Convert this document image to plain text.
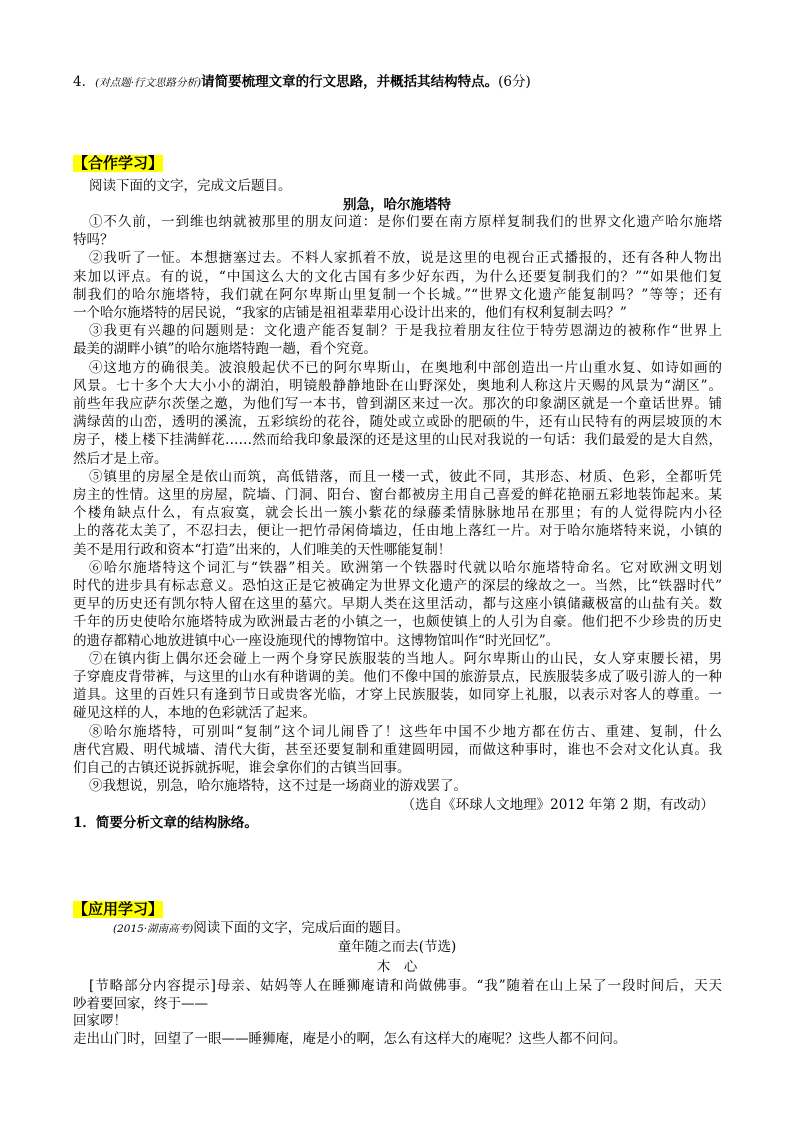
4．(对点题·行文思路分析)请简要梳理文章的行文思路，并概括其结构特点。(6分)
【合作学习】
阅读下面的文字，完成文后题目。
别急，哈尔施塔特
①不久前，一到维也纳就被那里的朋友问道：是你们要在南方原样复制我们的世界文化遗产哈尔施塔
特吗？
②我听了一怔。本想搪塞过去。不料人家抓着不放，说是这里的电视台正式播报的，还有各种人物出
来加以评点。有的说，“中国这么大的文化古国有多少好东西，为什么还要复制我们的？”“如果他们复
制我们的哈尔施塔特，我们就在阿尔卑斯山里复制一个长城。”“世界文化遗产能复制吗？”等等；还有
一个哈尔施塔特的居民说，“我家的店铺是祖祖辈辈用心设计出来的，他们有权利复制去吗？”
③我更有兴趣的问题则是：文化遗产能否复制？于是我拉着朋友往位于特劳恩湖边的被称作“世界上
最美的湖畔小镇”的哈尔施塔特跑一趟，看个究竟。
④这地方的确很美。波浪般起伏不已的阿尔卑斯山，在奥地利中部创造出一片山重水复、如诗如画的
风景。七十多个大大小小的湖泊，明镜般静静地卧在山野深处，奥地利人称这片天赐的风景为“湖区”。
前些年我应萨尔茨堡之邀，为他们写一本书，曾到湖区来过一次。那次的印象湖区就是一个童话世界。铺
满绿茵的山峦，透明的溪流，五彩缤纷的花谷，随处或立或卧的肥硕的牛，还有山民特有的两层坡顶的木
房子，楼上楼下挂满鲜花……然而给我印象最深的还是这里的山民对我说的一句话：我们最爱的是大自然，
然后才是上帝。
⑤镇里的房屋全是依山而筑，高低错落，而且一楼一式，彼此不同，其形态、材质、色彩，全都听凭
房主的性情。这里的房屋，院墙、门洞、阳台、窗台都被房主用自己喜爱的鲜花艳丽五彩地装饰起来。某
个楼角缺点什么，有点寂寞，就会长出一簇小紫花的绿藤柔情脉脉地吊在那里；有的人觉得院内小径
上的落花太美了，不忍扫去，便让一把竹帚闲倚墙边，任由地上落红一片。对于哈尔施塔特来说，小镇的
美不是用行政和资本“打造”出来的，人们唯美的天性哪能复制！
⑥哈尔施塔特这个词汇与“铁器”相关。欧洲第一个铁器时代就以哈尔施塔特命名。它对欧洲文明划
时代的进步具有标志意义。恐怕这正是它被确定为世界文化遗产的深层的缘故之一。当然，比“铁器时代”
更早的历史还有凯尔特人留在这里的墓穴。早期人类在这里活动，都与这座小镇储藏极富的山盐有关。数
千年的历史使哈尔施塔特成为欧洲最古老的小镇之一，也颇使镇上的人引为自豪。他们把不少珍贵的历史
的遗存都精心地放进镇中心一座设施现代的博物馆中。这博物馆叫作“时光回忆”。
⑦在镇内街上偶尔还会碰上一两个身穿民族服装的当地人。阿尔卑斯山的山民，女人穿束腰长裙，男
子穿鹿皮背带裤，与这里的山水有种谐调的美。他们不像中国的旅游景点，民族服装多成了吸引游人的一种
道具。这里的百姓只有逢到节日或贵客光临，才穿上民族服装，如同穿上礼服，以表示对客人的尊重。一
碰见这样的人，本地的色彩就活了起来。
⑧哈尔施塔特，可别叫“复制”这个词儿闹昏了！这些年中国不少地方都在仿古、重建、复制，什么
唐代宫殿、明代城墙、清代大街，甚至还要复制和重建圆明园，而做这种事时，谁也不会对文化认真。我
们自己的古镇还说拆就拆呢，谁会拿你们的古镇当回事。
⑨我想说，别急，哈尔施塔特，这不过是一场商业的游戏罢了。
（选自《环球人文地理》2012 年第 2 期，有改动）
1．简要分析文章的结构脉络。
【应用学习】
(2015·湖南高考)阅读下面的文字，完成后面的题目。
童年随之而去(节选)
木　心
[节略部分内容提示]母亲、姑妈等人在睡狮庵请和尚做佛事。“我”随着在山上呆了一段时间后，天天
吵着要回家，终于——
回家啰！
走出山门时，回望了一眼——睡狮庵，庵是小的啊，怎么有这样大的庵呢？这些人都不问问。
